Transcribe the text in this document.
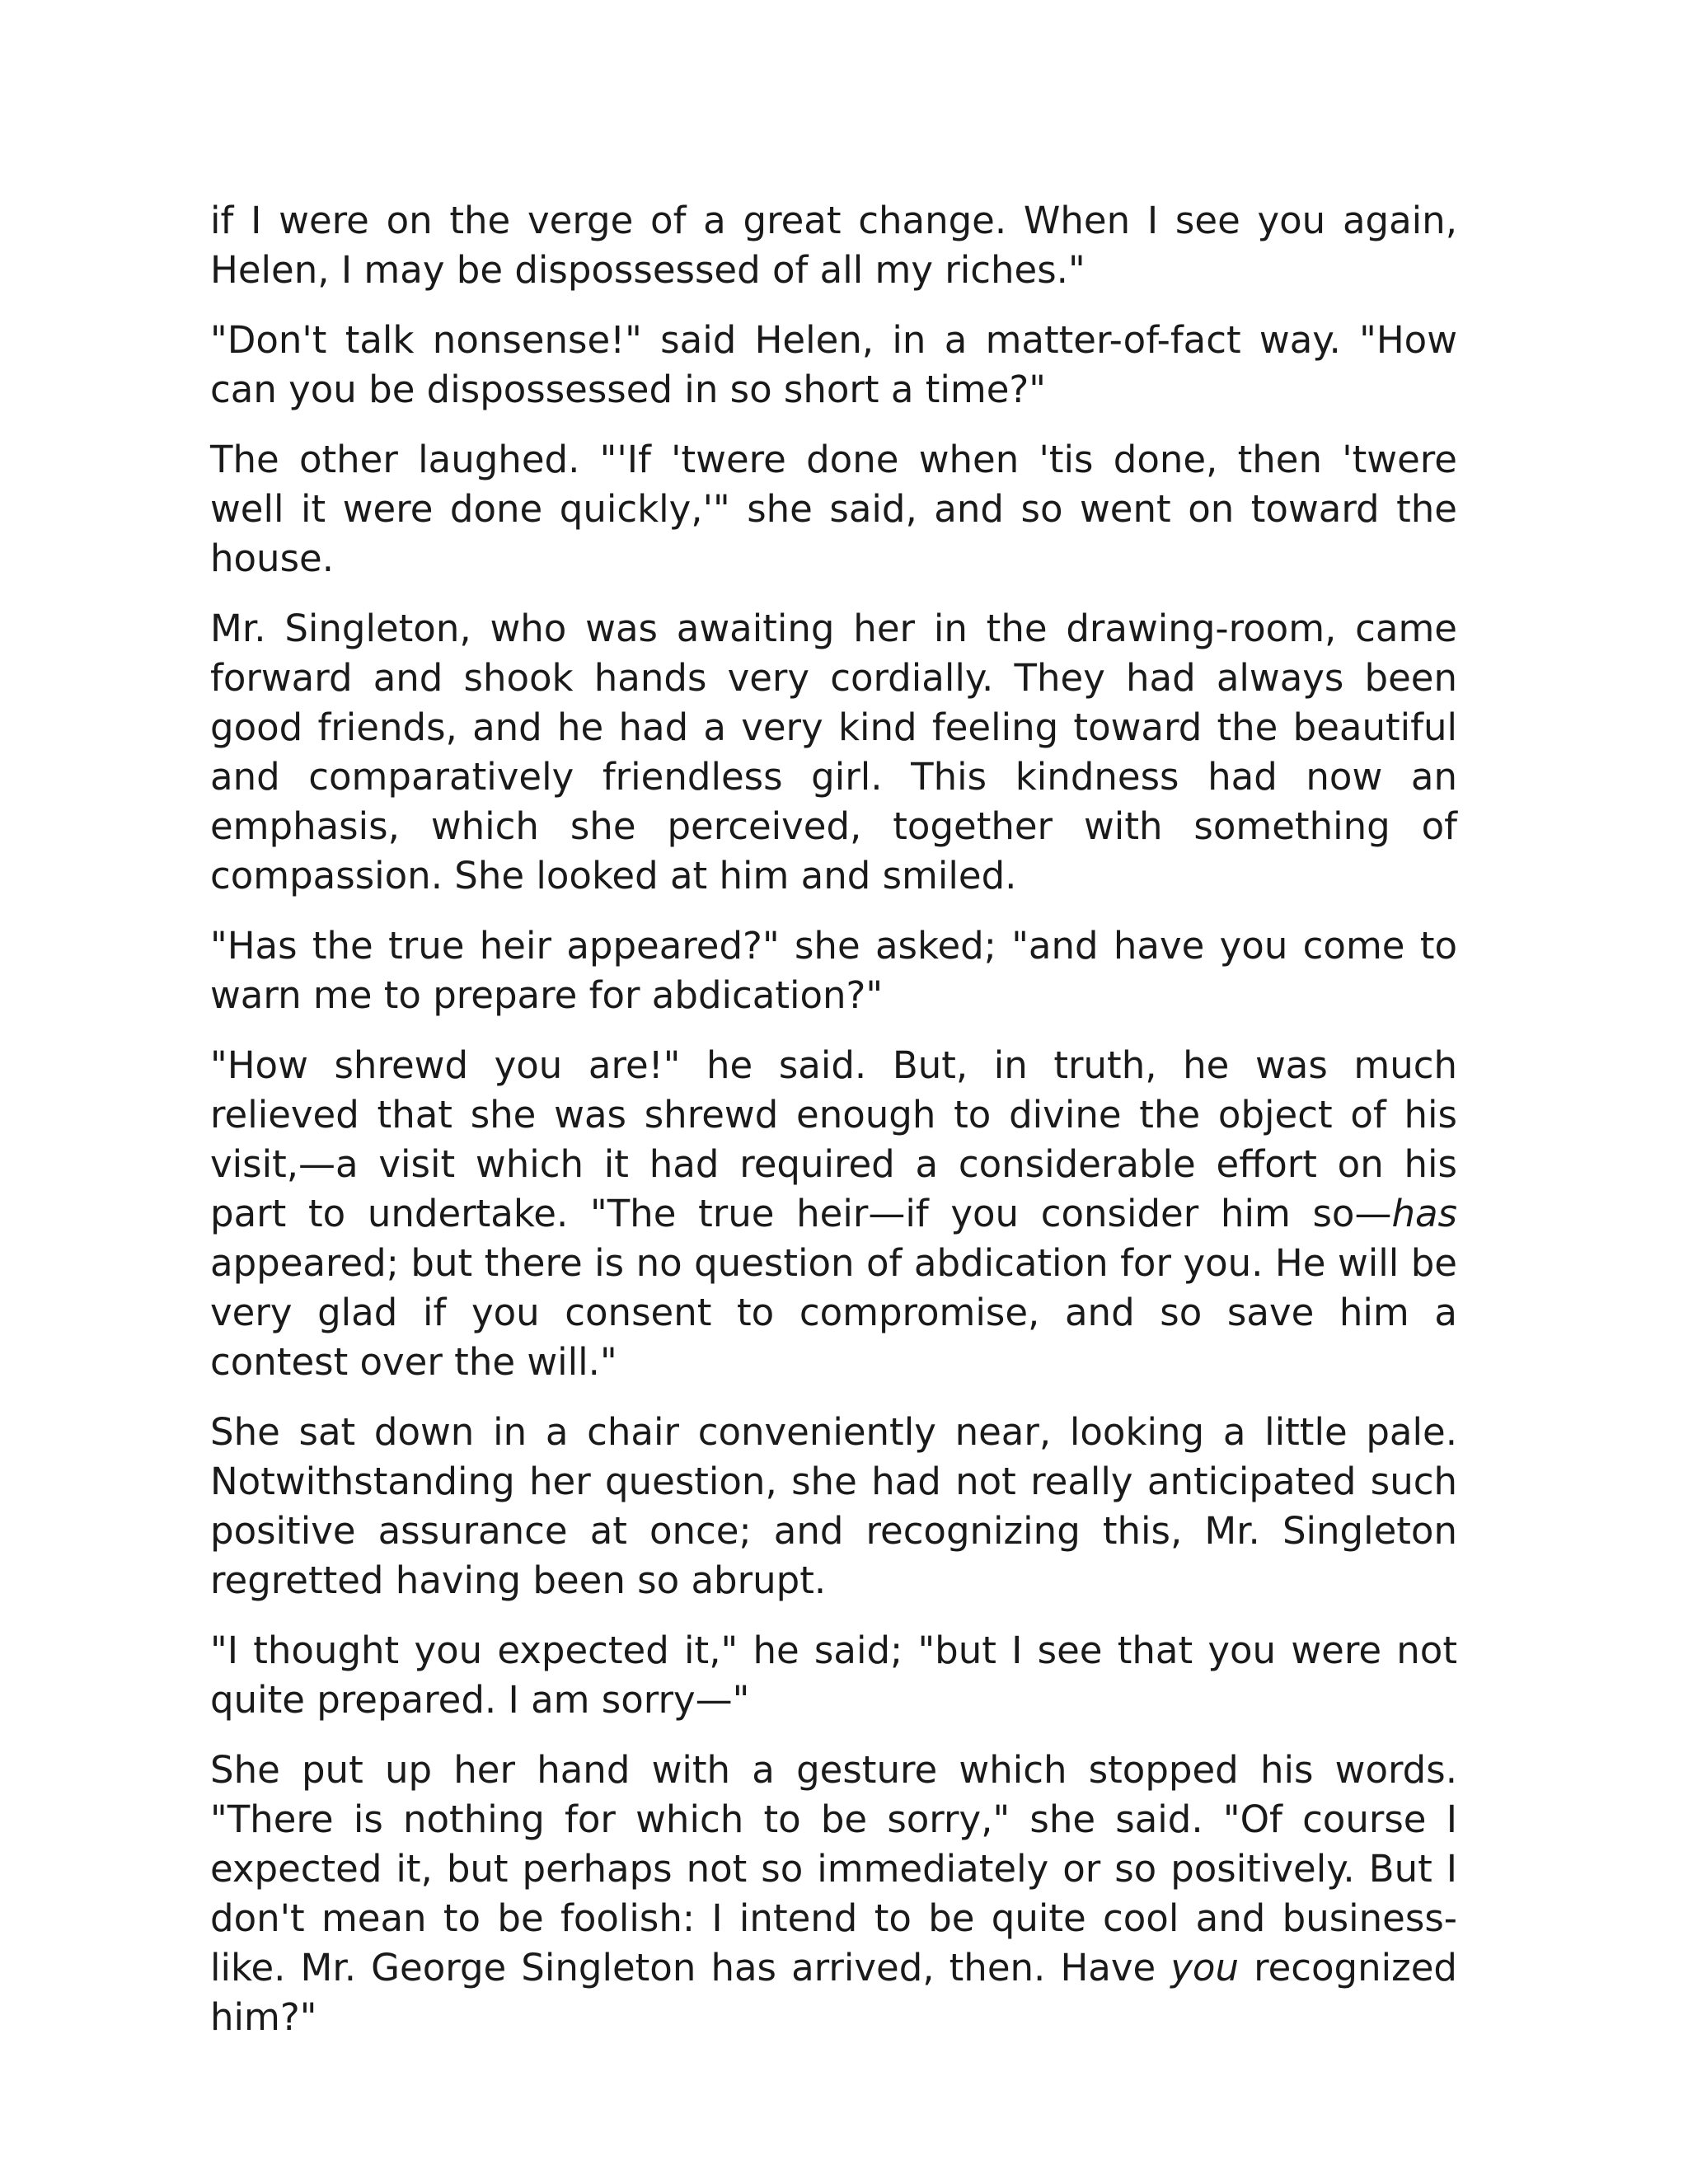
if I were on the verge of a great change. When I see you again, Helen, I may be dispossessed of all my riches."

"Don't talk nonsense!" said Helen, in a matter-of-fact way. "How can you be dispossessed in so short a time?"

The other laughed. "'If 'twere done when 'tis done, then 'twere well it were done quickly,'" she said, and so went on toward the house.

Mr. Singleton, who was awaiting her in the drawing-room, came forward and shook hands very cordially. They had always been good friends, and he had a very kind feeling toward the beautiful and comparatively friendless girl. This kindness had now an emphasis, which she perceived, together with something of compassion. She looked at him and smiled.

"Has the true heir appeared?" she asked; "and have you come to warn me to prepare for abdication?"

"How shrewd you are!" he said. But, in truth, he was much relieved that she was shrewd enough to divine the object of his visit,—a visit which it had required a considerable effort on his part to undertake. "The true heir—if you consider him so—has appeared; but there is no question of abdication for you. He will be very glad if you consent to compromise, and so save him a contest over the will."

She sat down in a chair conveniently near, looking a little pale. Notwithstanding her question, she had not really anticipated such positive assurance at once; and recognizing this, Mr. Singleton regretted having been so abrupt.

"I thought you expected it," he said; "but I see that you were not quite prepared. I am sorry—"

She put up her hand with a gesture which stopped his words. "There is nothing for which to be sorry," she said. "Of course I expected it, but perhaps not so immediately or so positively. But I don't mean to be foolish: I intend to be quite cool and business-like. Mr. George Singleton has arrived, then. Have you recognized him?"
